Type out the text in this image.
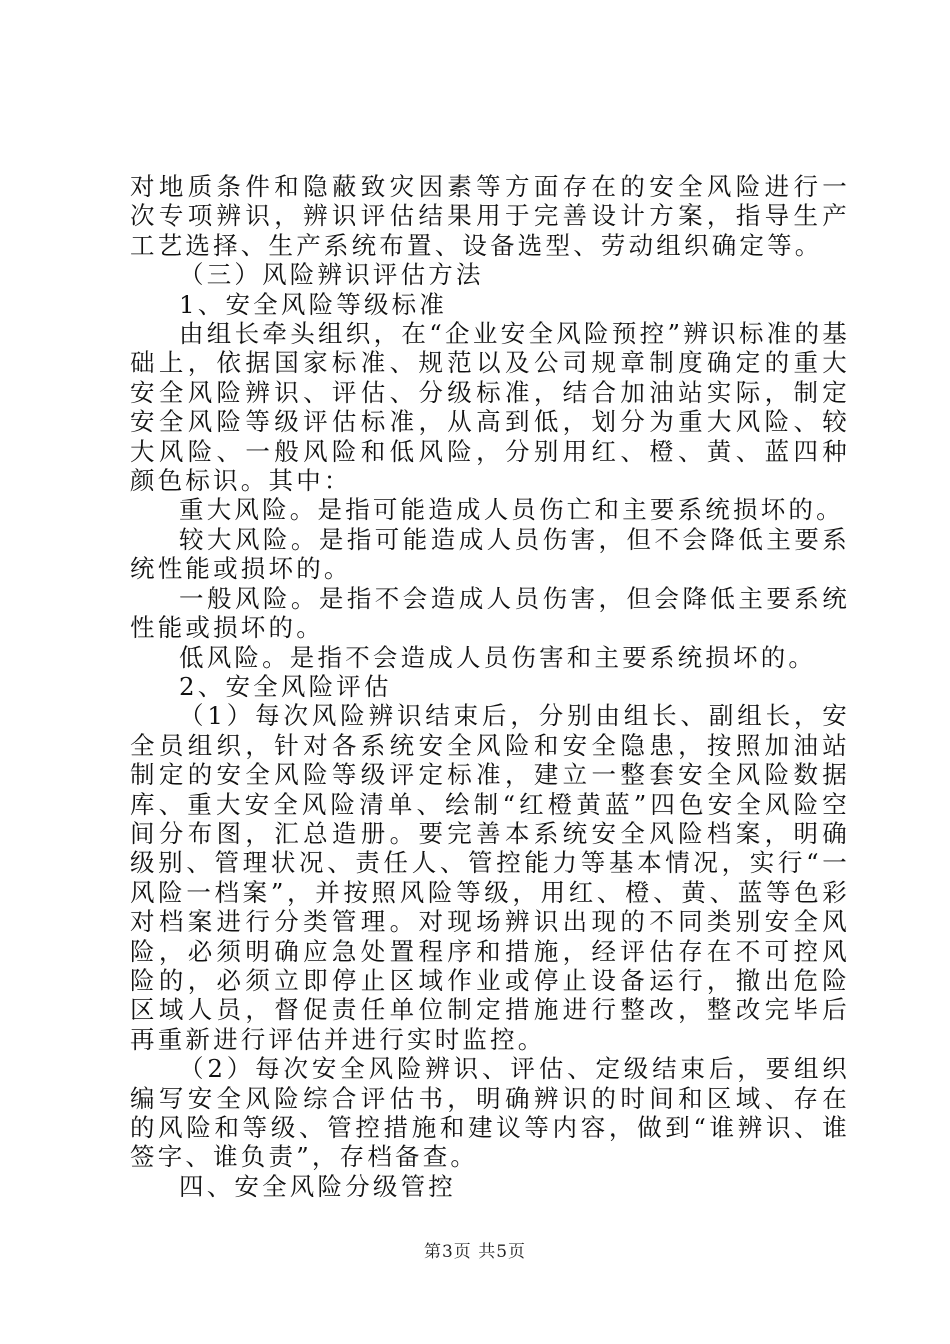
对地质条件和隐蔽致灾因素等方面存在的安全风险进行一次专项辨识，辨识评估结果用于完善设计方案，指导生产工艺选择、生产系统布置、设备选型、劳动组织确定等。

（三）风险辨识评估方法

1、安全风险等级标准

由组长牵头组织，在“企业安全风险预控”辨识标准的基础上，依据国家标准、规范以及公司规章制度确定的重大安全风险辨识、评估、分级标准，结合加油站实际，制定安全风险等级评估标准，从高到低，划分为重大风险、较大风险、一般风险和低风险，分别用红、橙、黄、蓝四种颜色标识。其中：

重大风险。是指可能造成人员伤亡和主要系统损坏的。

较大风险。是指可能造成人员伤害，但不会降低主要系统性能或损坏的。

一般风险。是指不会造成人员伤害，但会降低主要系统性能或损坏的。

低风险。是指不会造成人员伤害和主要系统损坏的。

2、安全风险评估

（1）每次风险辨识结束后，分别由组长、副组长，安全员组织，针对各系统安全风险和安全隐患，按照加油站制定的安全风险等级评定标准，建立一整套安全风险数据库、重大安全风险清单、绘制“红橙黄蓝”四色安全风险空间分布图，汇总造册。要完善本系统安全风险档案，明确级别、管理状况、责任人、管控能力等基本情况，实行“一风险一档案”，并按照风险等级，用红、橙、黄、蓝等色彩对档案进行分类管理。对现场辨识出现的不同类别安全风险，必须明确应急处置程序和措施，经评估存在不可控风险的，必须立即停止区域作业或停止设备运行，撤出危险区域人员，督促责任单位制定措施进行整改，整改完毕后再重新进行评估并进行实时监控。

（2）每次安全风险辨识、评估、定级结束后，要组织编写安全风险综合评估书，明确辨识的时间和区域、存在的风险和等级、管控措施和建议等内容，做到“谁辨识、谁签字、谁负责”，存档备查。

四、安全风险分级管控

第3页 共5页
